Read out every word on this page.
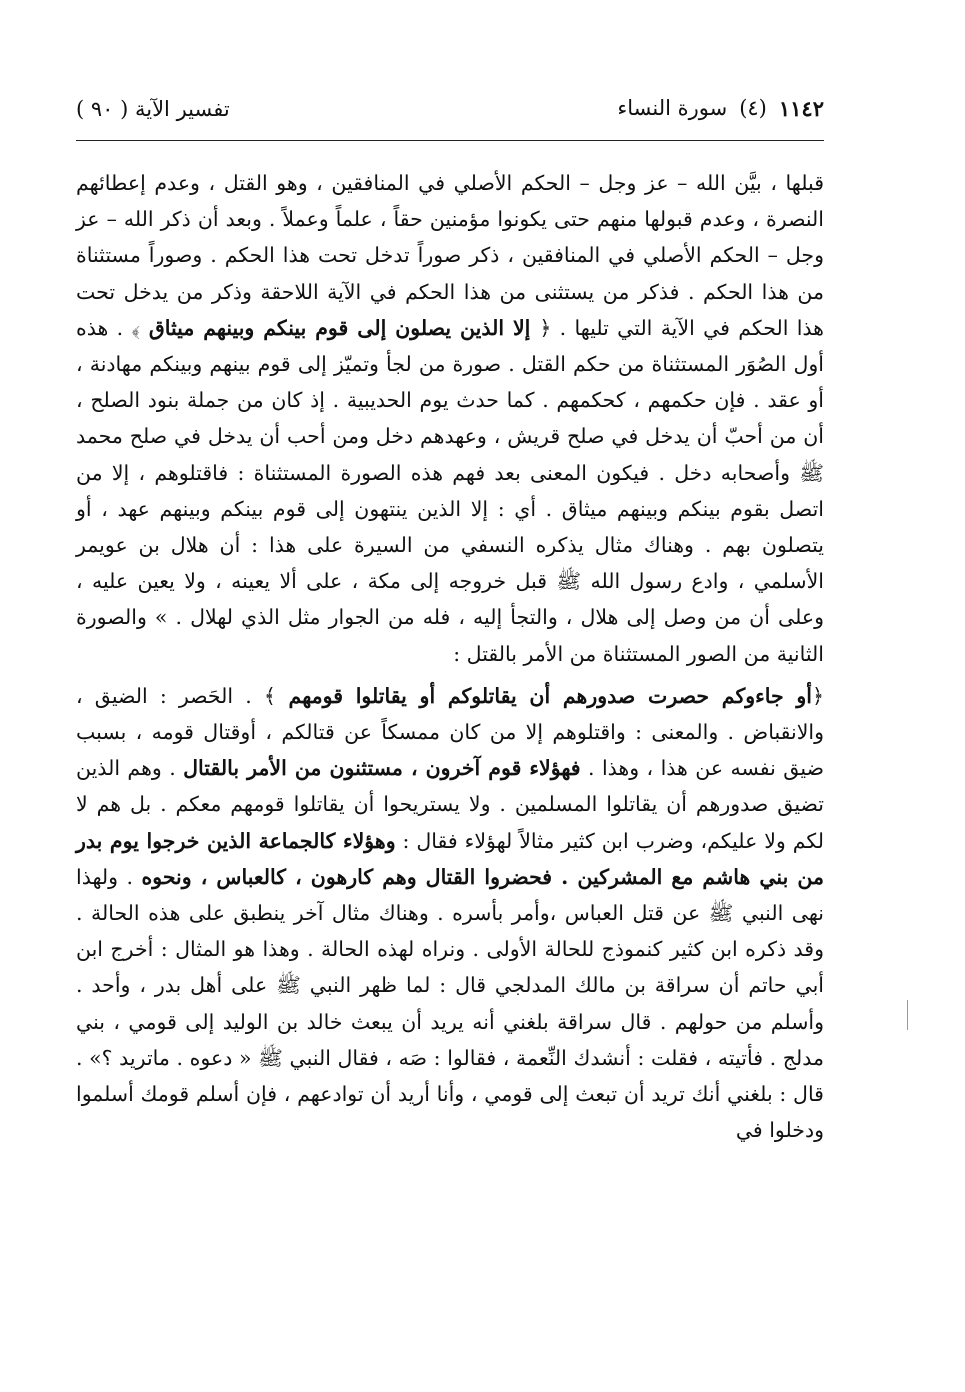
١١٤٢
(٤)
سورة النساء
تفسير الآية ( ٩٠ )

قبلها ، بيَّن الله – عز وجل – الحكم الأصلي في المنافقين ، وهو القتل ، وعدم إعطائهم النصرة ، وعدم قبولها منهم حتى يكونوا مؤمنين حقاً ، علماً وعملاً . وبعد أن ذكر الله – عز وجل – الحكم الأصلي في المنافقين ، ذكر صوراً تدخل تحت هذا الحكم . وصوراً مستثناة من هذا الحكم . فذكر من يستثنى من هذا الحكم في الآية اللاحقة وذكر من يدخل تحت هذا الحكم في الآية التي تليها . ﴿ إلا الذين يصلون إلى قوم بينكم وبينهم ميثاق ﴾ . هذه أول الصُوَر المستثناة من حكم القتل . صورة من لجأ وتميّز إلى قوم بينهم وبينكم مهادنة ، أو عقد . فإن حكمهم ، كحكمهم . كما حدث يوم الحديبية . إذ كان من جملة بنود الصلح ، أن من أحبّ أن يدخل في صلح قريش ، وعهدهم دخل ومن أحب أن يدخل في صلح محمد ﷺ وأصحابه دخل . فيكون المعنى بعد فهم هذه الصورة المستثناة : فاقتلوهم ، إلا من اتصل بقوم بينكم وبينهم ميثاق . أي : إلا الذين ينتهون إلى قوم بينكم وبينهم عهد ، أو يتصلون بهم . وهناك مثال يذكره النسفي من السيرة على هذا : أن هلال بن عويمر الأسلمي ، وادع رسول الله ﷺ قبل خروجه إلى مكة ، على ألا يعينه ، ولا يعين عليه ، وعلى أن من وصل إلى هلال ، والتجأ إليه ، فله من الجوار مثل الذي لهلال . » والصورة الثانية من الصور المستثناة من الأمر بالقتل :

﴿أو جاءوكم حصرت صدورهم أن يقاتلوكم أو يقاتلوا قومهم ﴾ . الحَصر : الضيق ، والانقباض . والمعنى : واقتلوهم إلا من كان ممسكاً عن قتالكم ، أوقتال قومه ، بسبب ضيق نفسه عن هذا ، وهذا . فهؤلاء قوم آخرون ، مستثنون من الأمر بالقتال . وهم الذين تضيق صدورهم أن يقاتلوا المسلمين . ولا يستريحوا أن يقاتلوا قومهم معكم . بل هم لا لكم ولا عليكم، وضرب ابن كثير مثالاً لهؤلاء فقال : وهؤلاء كالجماعة الذين خرجوا يوم بدر من بني هاشم مع المشركين . فحضروا القتال وهم كارهون ، كالعباس ، ونحوه . ولهذا نهى النبي ﷺ عن قتل العباس ،وأمر بأسره . وهناك مثال آخر ينطبق على هذه الحالة . وقد ذكره ابن كثير كنموذج للحالة الأولى . ونراه لهذه الحالة . وهذا هو المثال : أخرج ابن أبي حاتم أن سراقة بن مالك المدلجي قال : لما ظهر النبي ﷺ على أهل بدر ، وأحد . وأسلم من حولهم . قال سراقة بلغني أنه يريد أن يبعث خالد بن الوليد إلى قومي ، بني مدلج . فأتيته ، فقلت : أنشدك النِّعمة ، فقالوا : صَه ، فقال النبي ﷺ « دعوه . ماتريد ؟» . قال : بلغني أنك تريد أن تبعث إلى قومي ، وأنا أريد أن توادعهم ، فإن أسلم قومك أسلموا ودخلوا في
